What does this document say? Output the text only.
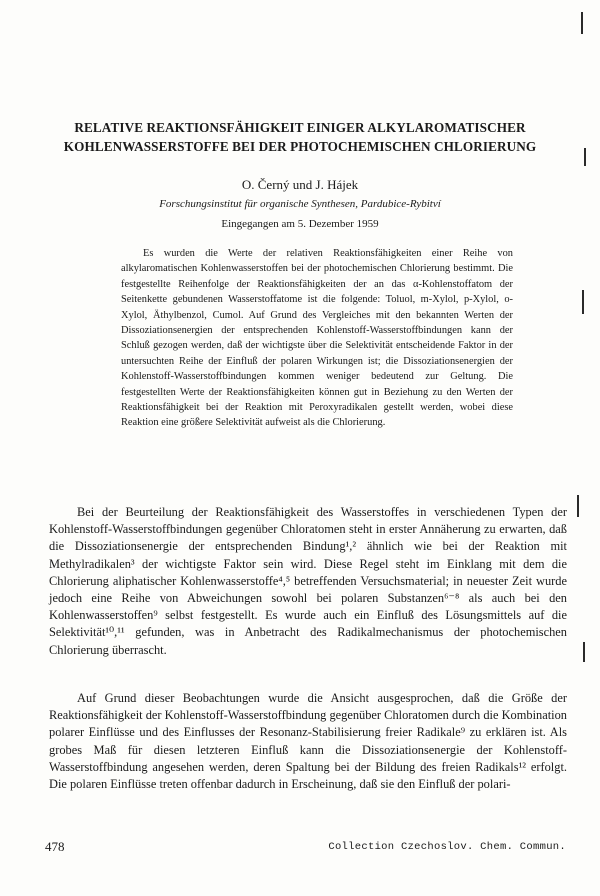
RELATIVE REAKTIONSFÄHIGKEIT EINIGER ALKYLAROMATISCHER KOHLENWASSERSTOFFE BEI DER PHOTOCHEMISCHEN CHLORIERUNG
O. Černý und J. Hájek
Forschungsinstitut für organische Synthesen, Pardubice-Rybitví
Eingegangen am 5. Dezember 1959
Es wurden die Werte der relativen Reaktionsfähigkeiten einer Reihe von alkylaromatischen Kohlenwasserstoffen bei der photochemischen Chlorierung bestimmt. Die festgestellte Reihenfolge der Reaktionsfähigkeiten der an das α-Kohlenstoffatom der Seitenkette gebundenen Wasserstoffatome ist die folgende: Toluol, m-Xylol, p-Xylol, o-Xylol, Äthylbenzol, Cumol. Auf Grund des Vergleiches mit den bekannten Werten der Dissoziationsenergien der entsprechenden Kohlenstoff-Wasserstoffbindungen kann der Schluß gezogen werden, daß der wichtigste über die Selektivität entscheidende Faktor in der untersuchten Reihe der Einfluß der polaren Wirkungen ist; die Dissoziationsenergien der Kohlenstoff-Wasserstoffbindungen kommen weniger bedeutend zur Geltung. Die festgestellten Werte der Reaktionsfähigkeiten können gut in Beziehung zu den Werten der Reaktionsfähigkeit bei der Reaktion mit Peroxyradikalen gestellt werden, wobei diese Reaktion eine größere Selektivität aufweist als die Chlorierung.
Bei der Beurteilung der Reaktionsfähigkeit des Wasserstoffes in verschiedenen Typen der Kohlenstoff-Wasserstoffbindungen gegenüber Chloratomen steht in erster Annäherung zu erwarten, daß die Dissoziationsenergie der entsprechenden Bindung¹,² ähnlich wie bei der Reaktion mit Methylradikalen³ der wichtigste Faktor sein wird. Diese Regel steht im Einklang mit dem die Chlorierung aliphatischer Kohlenwasserstoffe⁴,⁵ betreffenden Versuchsmaterial; in neuester Zeit wurde jedoch eine Reihe von Abweichungen sowohl bei polaren Substanzen⁶⁻⁸ als auch bei den Kohlenwasserstoffen⁹ selbst festgestellt. Es wurde auch ein Einfluß des Lösungsmittels auf die Selektivität¹⁰,¹¹ gefunden, was in Anbetracht des Radikalmechanismus der photochemischen Chlorierung überrascht.
Auf Grund dieser Beobachtungen wurde die Ansicht ausgesprochen, daß die Größe der Reaktionsfähigkeit der Kohlenstoff-Wasserstoffbindung gegenüber Chloratomen durch die Kombination polarer Einflüsse und des Einflusses der Resonanz-Stabilisierung freier Radikale⁹ zu erklären ist. Als grobes Maß für diesen letzteren Einfluß kann die Dissoziationsenergie der Kohlenstoff-Wasserstoffbindung angesehen werden, deren Spaltung bei der Bildung des freien Radikals¹² erfolgt. Die polaren Einflüsse treten offenbar dadurch in Erscheinung, daß sie den Einfluß der polari-
478	Collection Czechoslov. Chem. Commun.
